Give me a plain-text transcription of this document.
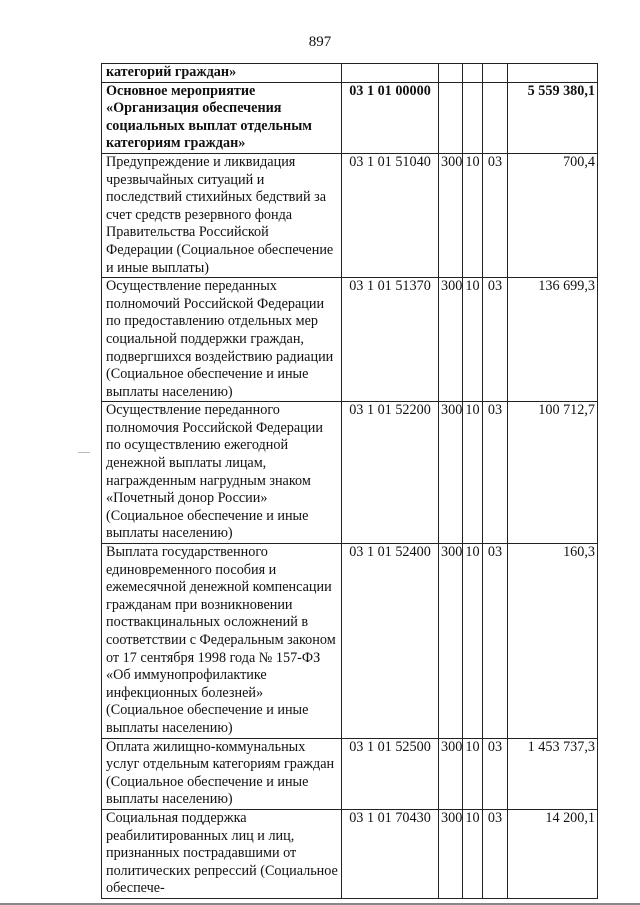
897
категорий граждан»					
Основное мероприятие «Организация обеспечения социальных выплат отдельным категориям граждан»	03 1 01 00000				5 559 380,1
Предупреждение и ликвидация чрезвычайных ситуаций и последствий стихийных бедствий за счет средств резервного фонда Правительства Российской Федерации (Социальное обеспечение и иные выплаты)	03 1 01 51040	300	10	03	700,4
Осуществление переданных полномочий Российской Федерации по предоставлению отдельных мер социальной поддержки граждан, подвергшихся воздействию радиации (Социальное обеспечение и иные выплаты населению)	03 1 01 51370	300	10	03	136 699,3
Осуществление переданного полномочия Российской Федерации по осуществлению ежегодной денежной выплаты лицам, награжденным нагрудным знаком «Почетный донор России» (Социальное обеспечение и иные выплаты населению)	03 1 01 52200	300	10	03	100 712,7
Выплата государственного единовременного пособия и ежемесячной денежной компенсации гражданам при возникновении поствакцинальных осложнений в соответствии с Федеральным законом от 17 сентября 1998 года № 157-ФЗ «Об иммунопрофилактике инфекционных болезней» (Социальное обеспечение и иные выплаты населению)	03 1 01 52400	300	10	03	160,3
Оплата жилищно-коммунальных услуг отдельным категориям граждан (Социальное обеспечение и иные выплаты населению)	03 1 01 52500	300	10	03	1 453 737,3
Социальная поддержка реабилитированных лиц и лиц, признанных пострадавшими от политических репрессий (Социальное обеспече-	03 1 01 70430	300	10	03	14 200,1
